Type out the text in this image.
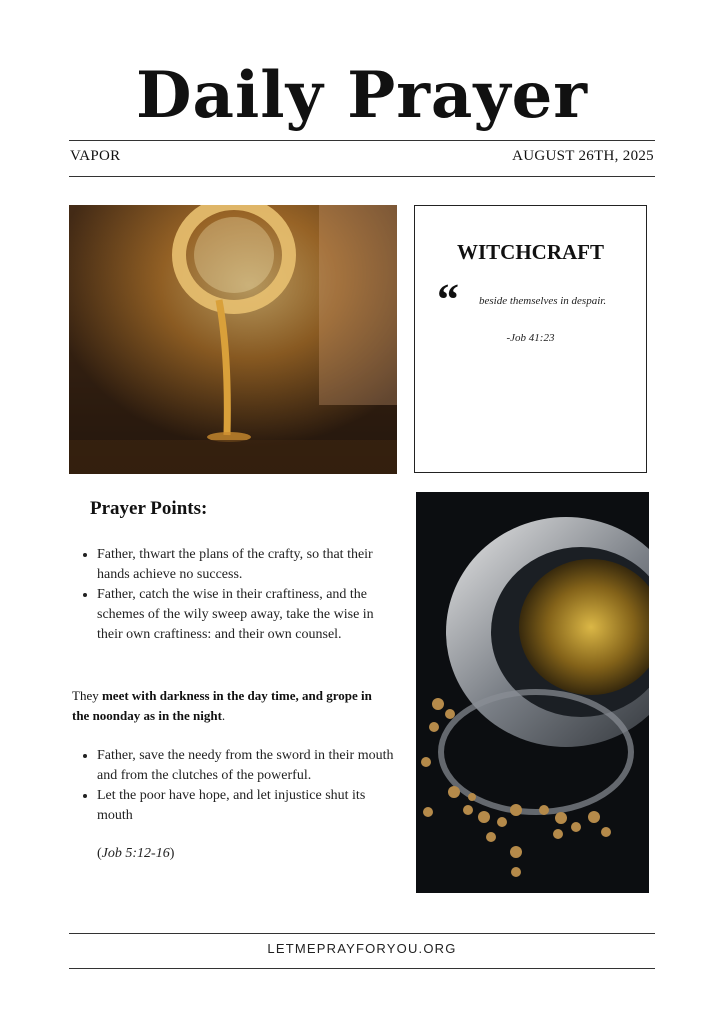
Daily Prayer
VAPOR	AUGUST 26TH, 2025
WITCHCRAFT
“ beside themselves in despair.
-Job 41:23
Prayer Points:
• Father, thwart the plans of the crafty, so that their hands achieve no success.
• Father, catch the wise in their craftiness, and the schemes of the wily sweep away, take the wise in their own craftiness: and their own counsel.
They meet with darkness in the day time, and grope in the noonday as in the night.
• Father, save the needy from the sword in their mouth and from the clutches of the powerful.
• Let the poor have hope, and let injustice shut its mouth
(Job 5:12-16)
LETMEPRAYFORYOU.ORG
